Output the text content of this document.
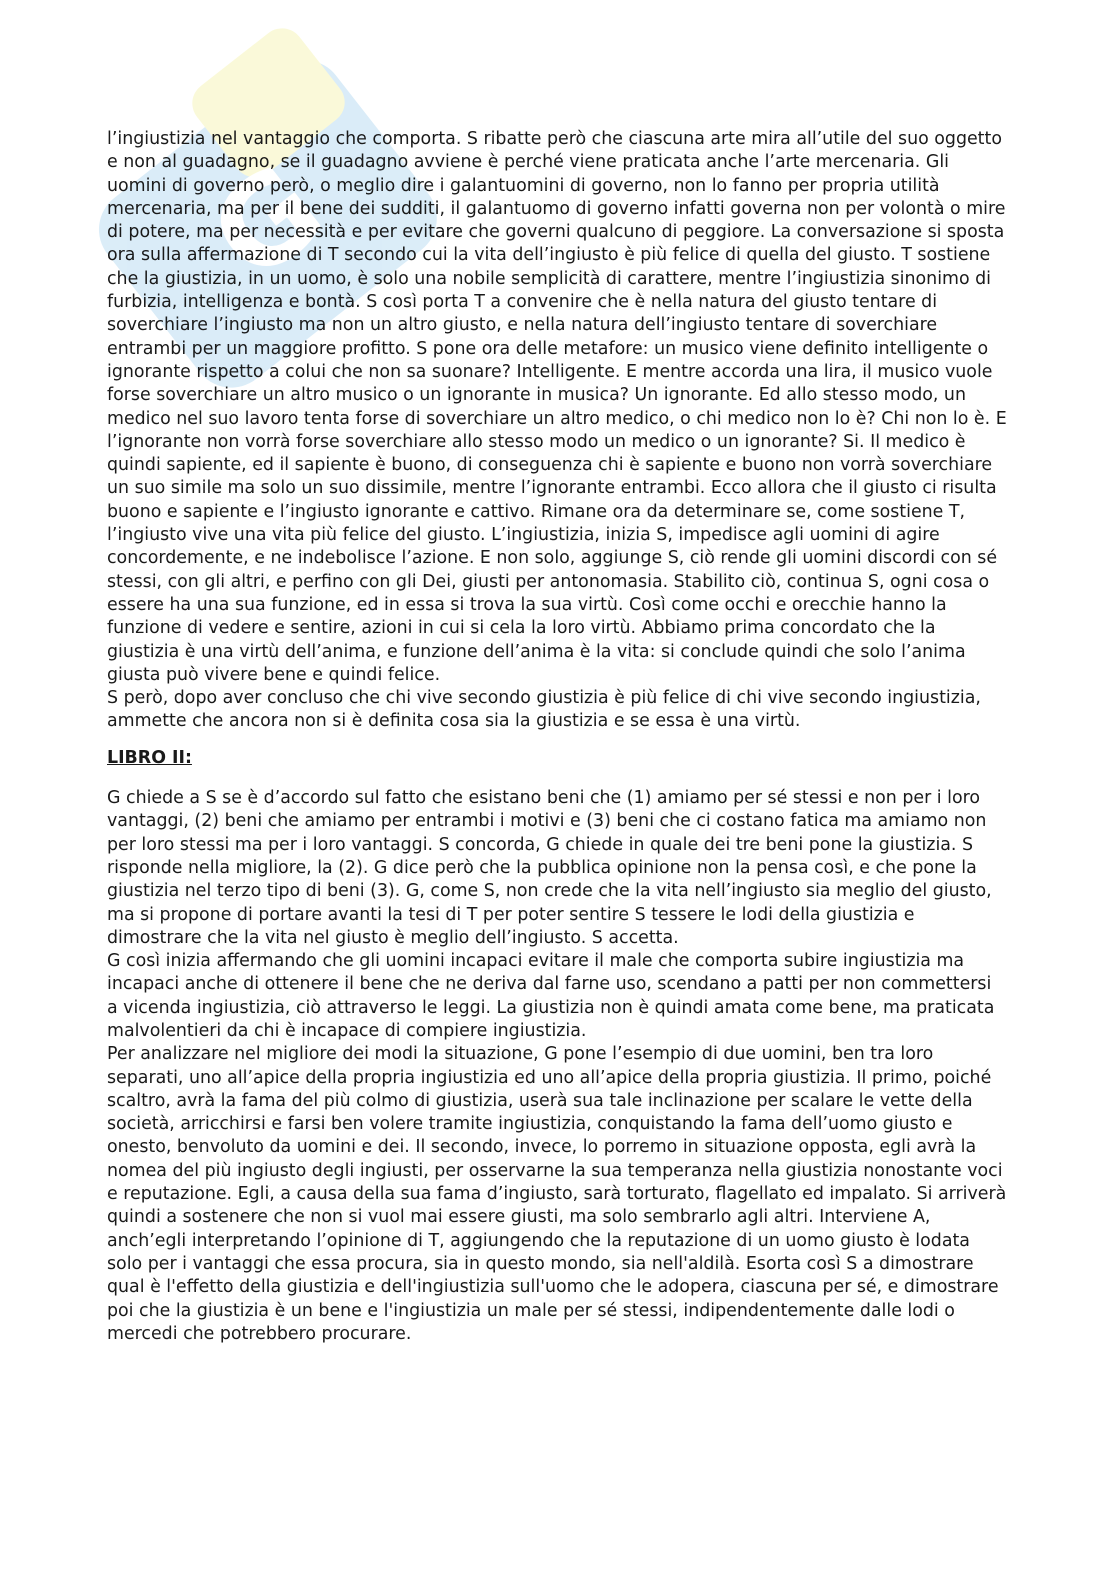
G

l’ingiustizia nel vantaggio che comporta. S ribatte però che ciascuna arte mira all’utile del suo oggetto e non al guadagno, se il guadagno avviene è perché viene praticata anche l’arte mercenaria. Gli uomini di governo però, o meglio dire i galantuomini di governo, non lo fanno per propria utilità mercenaria, ma per il bene dei sudditi, il galantuomo di governo infatti governa non per volontà o mire di potere, ma per necessità e per evitare che governi qualcuno di peggiore. La conversazione si sposta ora sulla affermazione di T secondo cui la vita dell’ingiusto è più felice di quella del giusto. T sostiene che la giustizia, in un uomo, è solo una nobile semplicità di carattere, mentre l’ingiustizia sinonimo di furbizia, intelligenza e bontà. S così porta T a convenire che è nella natura del giusto tentare di soverchiare l’ingiusto ma non un altro giusto, e nella natura dell’ingiusto tentare di soverchiare entrambi per un maggiore profitto. S pone ora delle metafore: un musico viene definito intelligente o ignorante rispetto a colui che non sa suonare? Intelligente. E mentre accorda una lira, il musico vuole forse soverchiare un altro musico o un ignorante in musica? Un ignorante. Ed allo stesso modo, un medico nel suo lavoro tenta forse di soverchiare un altro medico, o chi medico non lo è? Chi non lo è. E l’ignorante non vorrà forse soverchiare allo stesso modo un medico o un ignorante? Si. Il medico è quindi sapiente, ed il sapiente è buono, di conseguenza chi è sapiente e buono non vorrà soverchiare un suo simile ma solo un suo dissimile, mentre l’ignorante entrambi. Ecco allora che il giusto ci risulta buono e sapiente e l’ingiusto ignorante e cattivo. Rimane ora da determinare se, come sostiene T, l’ingiusto vive una vita più felice del giusto. L’ingiustizia, inizia S, impedisce agli uomini di agire concordemente, e ne indebolisce l’azione. E non solo, aggiunge S, ciò rende gli uomini discordi con sé stessi, con gli altri, e perfino con gli Dei, giusti per antonomasia. Stabilito ciò, continua S, ogni cosa o essere ha una sua funzione, ed in essa si trova la sua virtù. Così come occhi e orecchie hanno la funzione di vedere e sentire, azioni in cui si cela la loro virtù. Abbiamo prima concordato che la giustizia è una virtù dell’anima, e funzione dell’anima è la vita: si conclude quindi che solo l’anima giusta può vivere bene e quindi felice.

S però, dopo aver concluso che chi vive secondo giustizia è più felice di chi vive secondo ingiustizia, ammette che ancora non si è definita cosa sia la giustizia e se essa è una virtù.

LIBRO II:

G chiede a S se è d’accordo sul fatto che esistano beni che (1) amiamo per sé stessi e non per i loro vantaggi, (2) beni che amiamo per entrambi i motivi e (3) beni che ci costano fatica ma amiamo non per loro stessi ma per i loro vantaggi. S concorda, G chiede in quale dei tre beni pone la giustizia. S risponde nella migliore, la (2). G dice però che la pubblica opinione non la pensa così, e che pone la giustizia nel terzo tipo di beni (3). G, come S, non crede che la vita nell’ingiusto sia meglio del giusto, ma si propone di portare avanti la tesi di T per poter sentire S tessere le lodi della giustizia e dimostrare che la vita nel giusto è meglio dell’ingiusto. S accetta.

G così inizia affermando che gli uomini incapaci evitare il male che comporta subire ingiustizia ma incapaci anche di ottenere il bene che ne deriva dal farne uso, scendano a patti per non commettersi a vicenda ingiustizia, ciò attraverso le leggi. La giustizia non è quindi amata come bene, ma praticata malvolentieri da chi è incapace di compiere ingiustizia.

Per analizzare nel migliore dei modi la situazione, G pone l’esempio di due uomini, ben tra loro separati, uno all’apice della propria ingiustizia ed uno all’apice della propria giustizia. Il primo, poiché scaltro, avrà la fama del più colmo di giustizia, userà sua tale inclinazione per scalare le vette della società, arricchirsi e farsi ben volere tramite ingiustizia, conquistando la fama dell’uomo giusto e onesto, benvoluto da uomini e dei. Il secondo, invece, lo porremo in situazione opposta, egli avrà la nomea del più ingiusto degli ingiusti, per osservarne la sua temperanza nella giustizia nonostante voci e reputazione. Egli, a causa della sua fama d’ingiusto, sarà torturato, flagellato ed impalato. Si arriverà quindi a sostenere che non si vuol mai essere giusti, ma solo sembrarlo agli altri. Interviene A, anch’egli interpretando l’opinione di T, aggiungendo che la reputazione di un uomo giusto è lodata solo per i vantaggi che essa procura, sia in questo mondo, sia nell'aldilà. Esorta così S a dimostrare qual è l'effetto della giustizia e dell'ingiustizia sull'uomo che le adopera, ciascuna per sé, e dimostrare poi che la giustizia è un bene e l'ingiustizia un male per sé stessi, indipendentemente dalle lodi o mercedi che potrebbero procurare.
